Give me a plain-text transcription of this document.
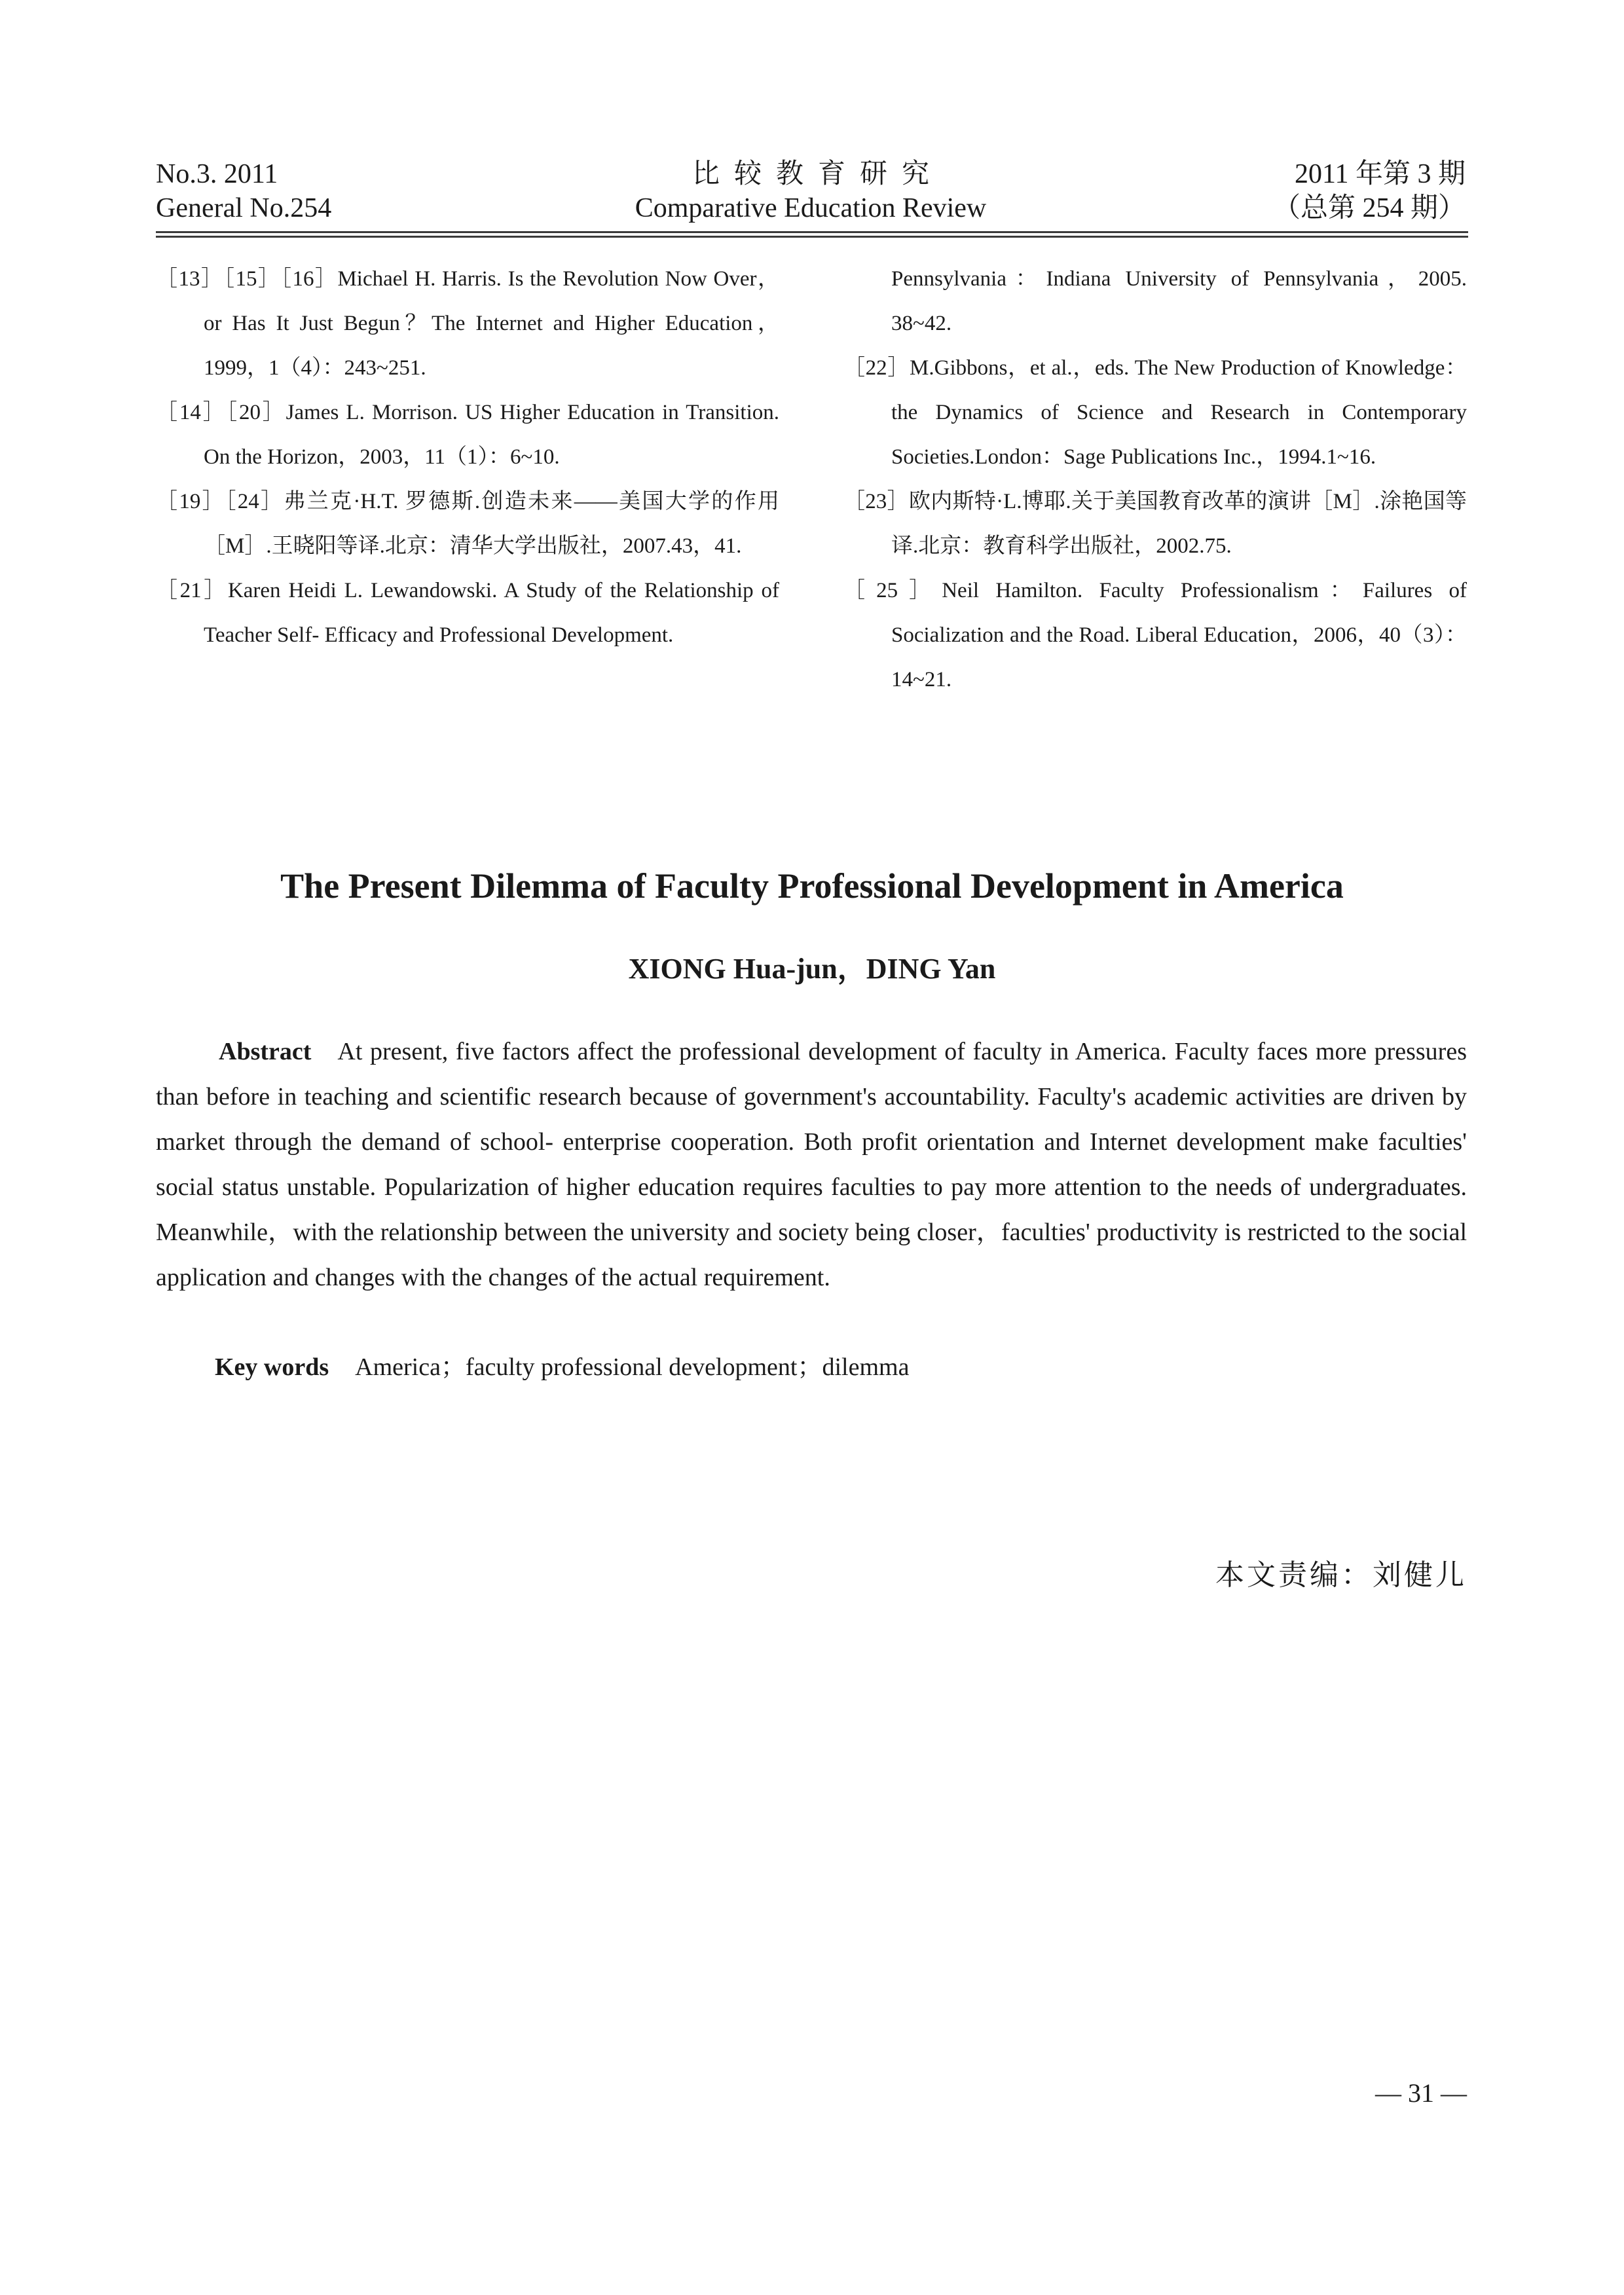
No.3. 2011
General No.254
比较教育研究
Comparative Education Review
2011 年第 3 期
（总第 254 期）
［13］［15］［16］Michael H. Harris. Is the Revolution Now Over，or Has It Just Begun？The Internet and Higher Education，1999，1（4）：243~251.
［14］［20］James L. Morrison. US Higher Education in Transition. On the Horizon，2003，11（1）：6~10.
［19］［24］弗兰克·H.T. 罗德斯.创造未来——美国大学的作用［M］.王晓阳等译.北京：清华大学出版社，2007.43，41.
［21］Karen Heidi L. Lewandowski. A Study of the Relationship of Teacher Self- Efficacy and Professional Development.
Pennsylvania：Indiana University of Pennsylvania，2005. 38~42.
［22］M.Gibbons，et al.，eds. The New Production of Knowledge：the Dynamics of Science and Research in Contemporary Societies.London：Sage Publications Inc.，1994.1~16.
［23］欧内斯特·L.博耶.关于美国教育改革的演讲［M］.涂艳国等译.北京：教育科学出版社，2002.75.
［25］Neil Hamilton. Faculty Professionalism：Failures of Socialization and the Road. Liberal Education，2006，40（3）：14~21.
The Present Dilemma of Faculty Professional Development in America
XIONG Hua-jun，DING Yan
Abstract At present, five factors affect the professional development of faculty in America. Faculty faces more pressures than before in teaching and scientific research because of government's accountability. Faculty's academic activities are driven by market through the demand of school- enterprise cooperation. Both profit orientation and Internet development make faculties' social status unstable. Popularization of higher education requires faculties to pay more attention to the needs of undergraduates. Meanwhile，with the relationship between the university and society being closer，faculties' productivity is restricted to the social application and changes with the changes of the actual requirement.
Key words America；faculty professional development；dilemma
本文责编：刘健儿
— 31 —
